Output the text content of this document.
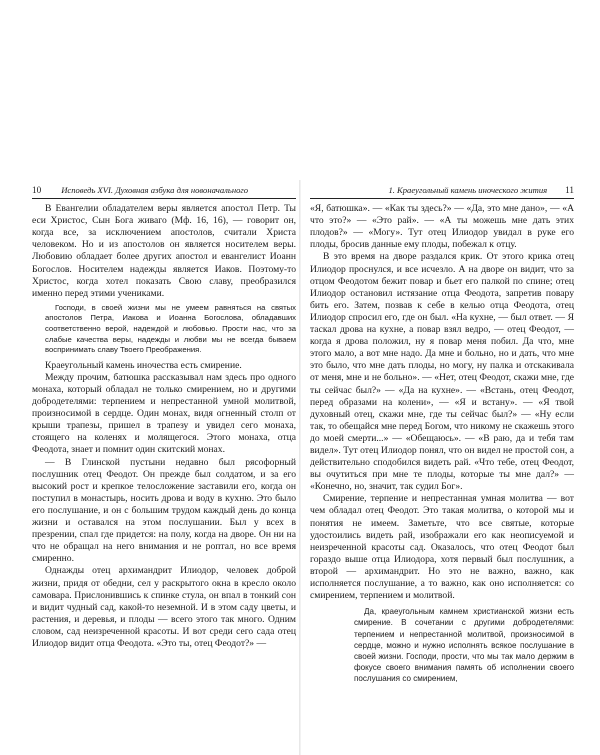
10 Исповедь XVI. Духовная азбука для новоначального

В Евангелии обладателем веры является апостол Петр. Ты еси Христос, Сын Бога живаго (Мф. 16, 16), — говорит он, когда все, за исключением апостолов, считали Христа человеком. Но и из апостолов он является носителем веры. Любовию обладает более других апостол и евангелист Иоанн Богослов. Носителем надежды является Иаков. Поэтому-то Христос, когда хотел показать Свою славу, преобразился именно перед этими учениками.

Господи, в своей жизни мы не умеем равняться на святых апостолов Петра, Иакова и Иоанна Богослова, обладавших соответственно верой, надеждой и любовью. Прости нас, что за слабые качества веры, надежды и любви мы не всегда бываем воспринимать славу Твоего Преображения.

Краеугольный камень иночества есть смирение.

Между прочим, батюшка рассказывал нам здесь про одного монаха, который обладал не только смирением, но и другими добродетелями: терпением и непрестанной умной молитвой, произносимой в сердце. Один монах, видя огненный столп от крыши трапезы, пришел в трапезу и увидел сего монаха, стоящего на коленях и молящегося. Этого монаха, отца Феодота, знает и помнит один скитский монах.

— В Глинской пустыни недавно был рясофорный послушник отец Феодот. Он прежде был солдатом, и за его высокий рост и крепкое телосложение заставили его, когда он поступил в монастырь, носить дрова и воду в кухню. Это было его послушание, и он с большим трудом каждый день до конца жизни и оставался на этом послушании. Был у всех в презрении, спал где придется: на полу, когда на дворе. Он ни на что не обращал на него внимания и не роптал, но все время смиренно.

Однажды отец архимандрит Илиодор, человек доброй жизни, придя от обедни, сел у раскрытого окна в кресло около самовара. Прислонившись к спинке стула, он впал в тонкий сон и видит чудный сад, какой-то неземной. И в этом саду цветы, и растения, и деревья, и плоды — всего этого так много. Одним словом, сад неизреченной красоты. И вот среди сего сада отец Илиодор видит отца Феодота. «Это ты, отец Феодот?» —

1. Краеугольный камень иноческого жития 11

«Я, батюшка». — «Как ты здесь?» — «Да, это мне дано», — «А что это?» — «Это рай». — «А ты можешь мне дать этих плодов?» — «Могу». Тут отец Илиодор увидал в руке его плоды, бросив данные ему плоды, побежал к отцу.

В это время на дворе раздался крик. От этого крика отец Илиодор проснулся, и все исчезло. А на дворе он видит, что за отцом Феодотом бежит повар и бьет его палкой по спине; отец Илиодор остановил истязание отца Феодота, запретив повару бить его. Затем, позвав к себе в келью отца Феодота, отец Илиодор спросил его, где он был. «На кухне, — был ответ. — Я таскал дрова на кухне, а повар взял ведро, — отец Феодот, — когда я дрова положил, ну я повар меня побил. Да что, мне этого мало, а вот мне надо. Да мне и больно, но и дать, что мне это было, что мне дать плоды, но могу, ну палка и отскакивала от меня, мне и не больно». — «Нет, отец Феодот, скажи мне, где ты сейчас был?» — «Да на кухне». — «Встань, отец Феодот, перед образами на колени», — «Я и встану». — «Я твой духовный отец, скажи мне, где ты сейчас был?» — «Ну если так, то обещайся мне перед Богом, что никому не скажешь этого до моей смерти...» — «Обещаюсь». — «В раю, да и тебя там видел». Тут отец Илиодор понял, что он видел не простой сон, а действительно сподобился видеть рай. «Что тебе, отец Феодот, вы очутиться при мне те плоды, которые ты мне дал?» — «Конечно, но, значит, так судил Бог».

Смирение, терпение и непрестанная умная молитва — вот чем обладал отец Феодот. Это такая молитва, о которой мы и понятия не имеем. Заметьте, что все святые, которые удостоились видеть рай, изображали его как неописуемой и неизреченной красоты сад. Оказалось, что отец Феодот был гораздо выше отца Илиодора, хотя первый был послушник, а второй — архимандрит. Но это не важно, важно, как исполняется послушание, а то важно, как оно исполняется: со смирением, терпением и молитвой.

Да, краеугольным камнем христианской жизни есть смирение. В сочетании с другими добродетелями: терпением и непрестанной молитвой, произносимой в сердце, можно и нужно исполнять всякое послушание в своей жизни. Господи, прости, что мы так мало держим в фокусе своего внимания память об исполнении своего послушания со смирением,
